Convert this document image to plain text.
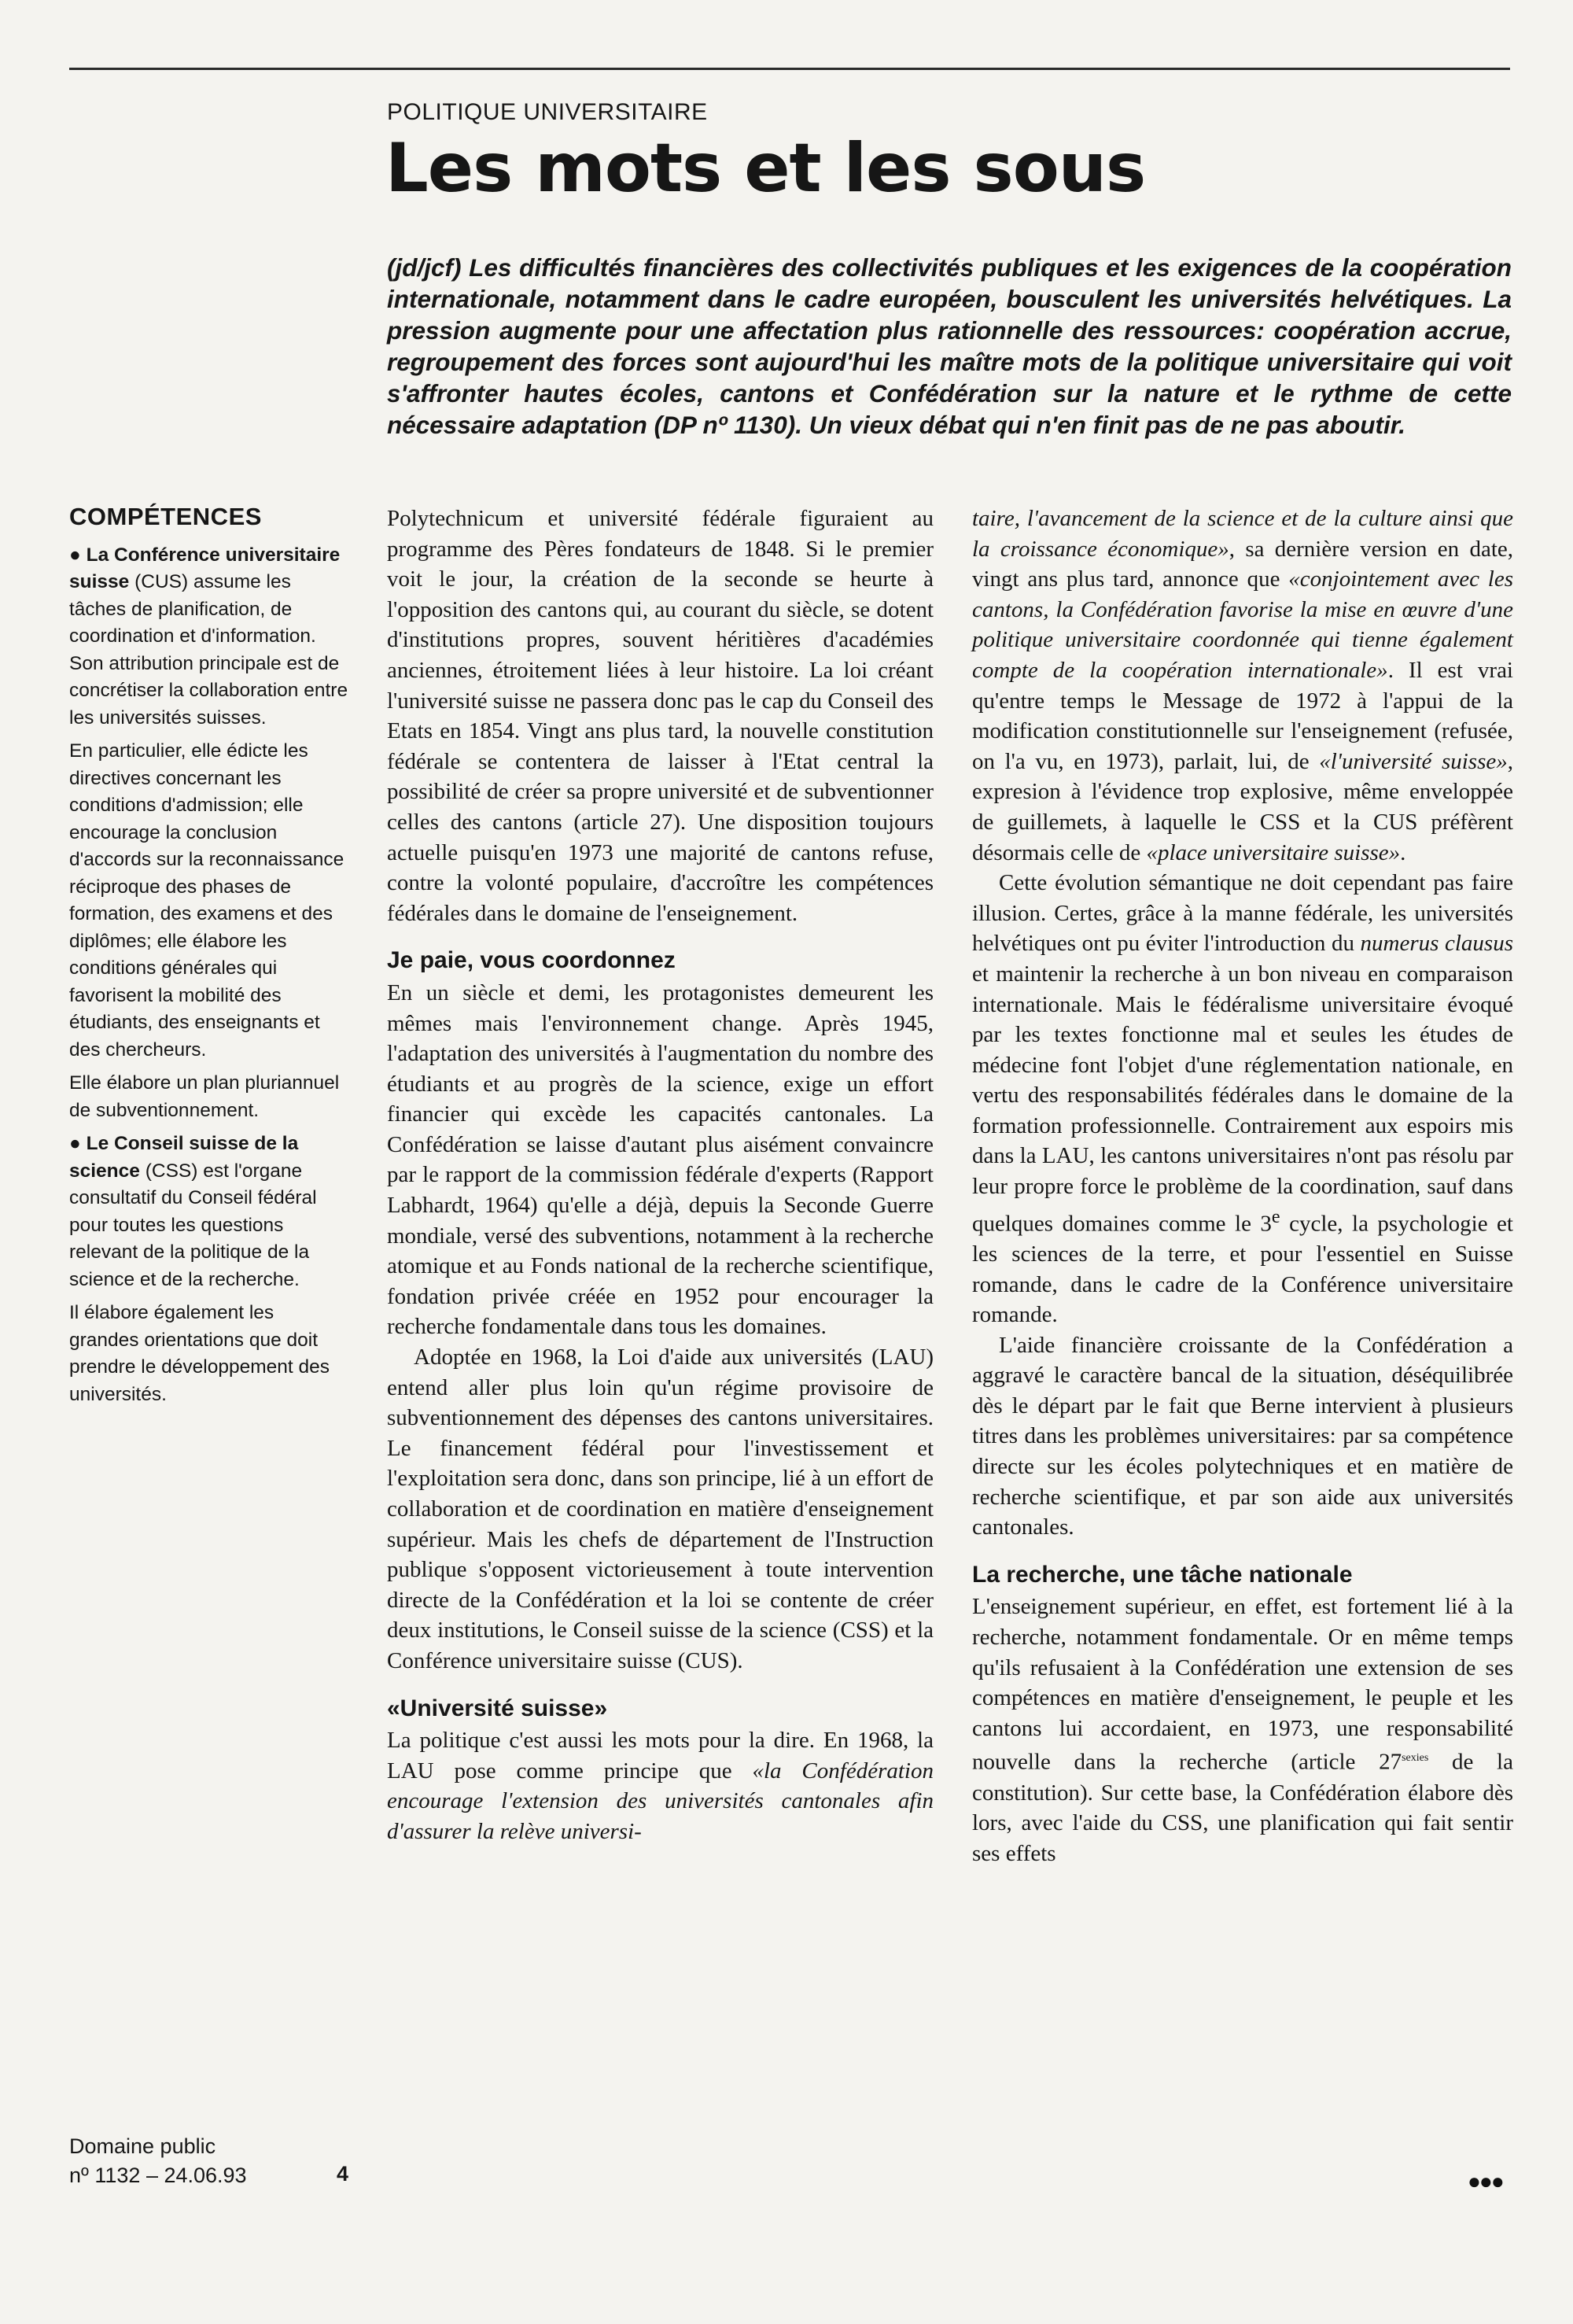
POLITIQUE UNIVERSITAIRE
Les mots et les sous

(jd/jcf) Les difficultés financières des collectivités publiques et les exigences de la coopération internationale, notamment dans le cadre européen, bousculent les universités helvétiques. La pression augmente pour une affectation plus rationnelle des ressources: coopération accrue, regroupement des forces sont aujourd'hui les maître mots de la politique universitaire qui voit s'affronter hautes écoles, cantons et Confédération sur la nature et le rythme de cette nécessaire adaptation (DP nº 1130). Un vieux débat qui n'en finit pas de ne pas aboutir.

COMPÉTENCES

● La Conférence universitaire suisse (CUS) assume les tâches de planification, de coordination et d'information. Son attribution principale est de concrétiser la collaboration entre les universités suisses.

En particulier, elle édicte les directives concernant les conditions d'admission; elle encourage la conclusion d'accords sur la reconnaissance réciproque des phases de formation, des examens et des diplômes; elle élabore les conditions générales qui favorisent la mobilité des étudiants, des enseignants et des chercheurs.

Elle élabore un plan pluriannuel de subventionnement.

● Le Conseil suisse de la science (CSS) est l'organe consultatif du Conseil fédéral pour toutes les questions relevant de la politique de la science et de la recherche.

Il élabore également les grandes orientations que doit prendre le développement des universités.

Domaine public
nº 1132 – 24.06.93	4

Polytechnicum et université fédérale figuraient au programme des Pères fondateurs de 1848. Si le premier voit le jour, la création de la seconde se heurte à l'opposition des cantons qui, au courant du siècle, se dotent d'institutions propres, souvent héritières d'académies anciennes, étroitement liées à leur histoire. La loi créant l'université suisse ne passera donc pas le cap du Conseil des Etats en 1854. Vingt ans plus tard, la nouvelle constitution fédérale se contentera de laisser à l'Etat central la possibilité de créer sa propre université et de subventionner celles des cantons (article 27). Une disposition toujours actuelle puisqu'en 1973 une majorité de cantons refuse, contre la volonté populaire, d'accroître les compétences fédérales dans le domaine de l'enseignement.

Je paie, vous coordonnez

En un siècle et demi, les protagonistes demeurent les mêmes mais l'environnement change. Après 1945, l'adaptation des universités à l'augmentation du nombre des étudiants et au progrès de la science, exige un effort financier qui excède les capacités cantonales. La Confédération se laisse d'autant plus aisément convaincre par le rapport de la commission fédérale d'experts (Rapport Labhardt, 1964) qu'elle a déjà, depuis la Seconde Guerre mondiale, versé des subventions, notamment à la recherche atomique et au Fonds national de la recherche scientifique, fondation privée créée en 1952 pour encourager la recherche fondamentale dans tous les domaines.

Adoptée en 1968, la Loi d'aide aux universités (LAU) entend aller plus loin qu'un régime provisoire de subventionnement des dépenses des cantons universitaires. Le financement fédéral pour l'investissement et l'exploitation sera donc, dans son principe, lié à un effort de collaboration et de coordination en matière d'enseignement supérieur. Mais les chefs de département de l'Instruction publique s'opposent victorieusement à toute intervention directe de la Confédération et la loi se contente de créer deux institutions, le Conseil suisse de la science (CSS) et la Conférence universitaire suisse (CUS).

«Université suisse»

La politique c'est aussi les mots pour la dire. En 1968, la LAU pose comme principe que «la Confédération encourage l'extension des universités cantonales afin d'assurer la relève universi-

taire, l'avancement de la science et de la culture ainsi que la croissance économique», sa dernière version en date, vingt ans plus tard, annonce que «conjointement avec les cantons, la Confédération favorise la mise en œuvre d'une politique universitaire coordonnée qui tienne également compte de la coopération internationale». Il est vrai qu'entre temps le Message de 1972 à l'appui de la modification constitutionnelle sur l'enseignement (refusée, on l'a vu, en 1973), parlait, lui, de «l'université suisse», expresion à l'évidence trop explosive, même enveloppée de guillemets, à laquelle le CSS et la CUS préfèrent désormais celle de «place universitaire suisse».

Cette évolution sémantique ne doit cependant pas faire illusion. Certes, grâce à la manne fédérale, les universités helvétiques ont pu éviter l'introduction du numerus clausus et maintenir la recherche à un bon niveau en comparaison internationale. Mais le fédéralisme universitaire évoqué par les textes fonctionne mal et seules les études de médecine font l'objet d'une réglementation nationale, en vertu des responsabilités fédérales dans le domaine de la formation professionnelle. Contrairement aux espoirs mis dans la LAU, les cantons universitaires n'ont pas résolu par leur propre force le problème de la coordination, sauf dans quelques domaines comme le 3e cycle, la psychologie et les sciences de la terre, et pour l'essentiel en Suisse romande, dans le cadre de la Conférence universitaire romande.

L'aide financière croissante de la Confédération a aggravé le caractère bancal de la situation, déséquilibrée dès le départ par le fait que Berne intervient à plusieurs titres dans les problèmes universitaires: par sa compétence directe sur les écoles polytechniques et en matière de recherche scientifique, et par son aide aux universités cantonales.

La recherche, une tâche nationale

L'enseignement supérieur, en effet, est fortement lié à la recherche, notamment fondamentale. Or en même temps qu'ils refusaient à la Confédération une extension de ses compétences en matière d'enseignement, le peuple et les cantons lui accordaient, en 1973, une responsabilité nouvelle dans la recherche (article $27^{sexies}$ de la constitution). Sur cette base, la Confédération élabore dès lors, avec l'aide du CSS, une planification qui fait sentir ses effets

●●●
